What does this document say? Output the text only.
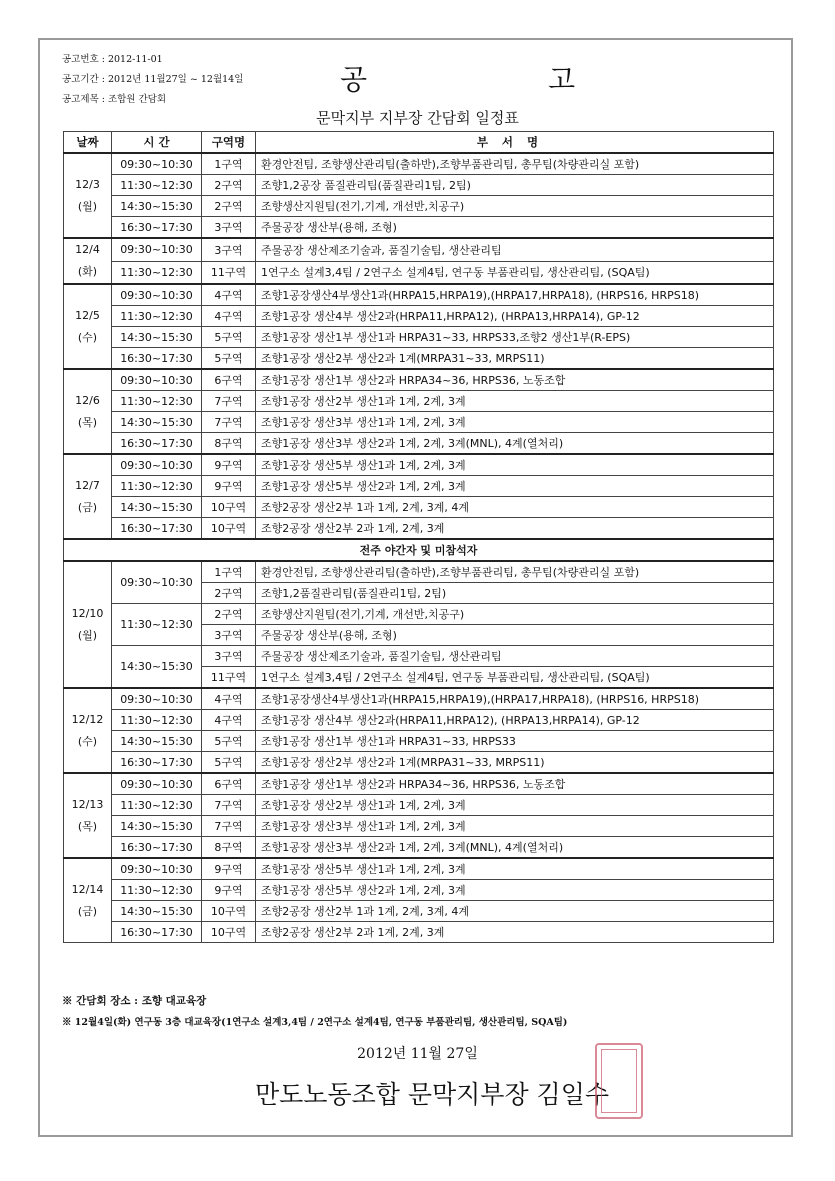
공고번호 : 2012-11-01
공고기간 : 2012년 11월27일 ~ 12월14일
공고제목 : 조합원 간담회
공 고
문막지부 지부장 간담회 일정표
날짜	시 간	구역명	부서명
12/3
(월)	09:30~10:30	1구역	환경안전팀, 조향생산관리팀(출하반),조향부품관리팀, 총무팀(차량관리실 포함)
	11:30~12:30	2구역	조향1,2공장 품질관리팀(품질관리1팀, 2팀)
	14:30~15:30	2구역	조향생산지원팀(전기,기계, 개선반,치공구)
	16:30~17:30	3구역	주물공장 생산부(용해, 조형)
12/4
(화)	09:30~10:30	3구역	주물공장 생산제조기술과, 품질기술팀, 생산관리팀
	11:30~12:30	11구역	1연구소 설계3,4팀 / 2연구소 설계4팀, 연구동 부품관리팀, 생산관리팀, (SQA팀)
12/5
(수)	09:30~10:30	4구역	조향1공장생산4부생산1과(HRPA15,HRPA19),(HRPA17,HRPA18), (HRPS16, HRPS18)
	11:30~12:30	4구역	조향1공장 생산4부 생산2과(HRPA11,HRPA12), (HRPA13,HRPA14), GP-12
	14:30~15:30	5구역	조향1공장 생산1부 생산1과 HRPA31~33, HRPS33,조향2 생산1부(R-EPS)
	16:30~17:30	5구역	조향1공장 생산2부 생산2과 1계(MRPA31~33, MRPS11)
12/6
(목)	09:30~10:30	6구역	조향1공장 생산1부 생산2과 HRPA34~36, HRPS36, 노동조합
	11:30~12:30	7구역	조향1공장 생산2부 생산1과 1계, 2계, 3계
	14:30~15:30	7구역	조향1공장 생산3부 생산1과 1계, 2계, 3계
	16:30~17:30	8구역	조향1공장 생산3부 생산2과 1계, 2계, 3계(MNL), 4계(열처리)
12/7
(금)	09:30~10:30	9구역	조향1공장 생산5부 생산1과 1계, 2계, 3계
	11:30~12:30	9구역	조향1공장 생산5부 생산2과 1계, 2계, 3계
	14:30~15:30	10구역	조향2공장 생산2부 1과 1계, 2계, 3계, 4계
	16:30~17:30	10구역	조향2공장 생산2부 2과 1계, 2계, 3계
전주 야간자 및 미참석자			
12/10
(월)	09:30~10:30	1구역	환경안전팀, 조향생산관리팀(출하반),조향부품관리팀, 총무팀(차량관리실 포함)
		2구역	조향1,2품질관리팀(품질관리1팀, 2팀)
	11:30~12:30	2구역	조향생산지원팀(전기,기계, 개선반,치공구)
		3구역	주물공장 생산부(용해, 조형)
	14:30~15:30	3구역	주물공장 생산제조기술과, 품질기술팀, 생산관리팀
		11구역	1연구소 설계3,4팀 / 2연구소 설계4팀, 연구동 부품관리팀, 생산관리팀, (SQA팀)
12/12
(수)	09:30~10:30	4구역	조향1공장생산4부생산1과(HRPA15,HRPA19),(HRPA17,HRPA18), (HRPS16, HRPS18)
	11:30~12:30	4구역	조향1공장 생산4부 생산2과(HRPA11,HRPA12), (HRPA13,HRPA14), GP-12
	14:30~15:30	5구역	조향1공장 생산1부 생산1과 HRPA31~33, HRPS33
	16:30~17:30	5구역	조향1공장 생산2부 생산2과 1계(MRPA31~33, MRPS11)
12/13
(목)	09:30~10:30	6구역	조향1공장 생산1부 생산2과 HRPA34~36, HRPS36, 노동조합
	11:30~12:30	7구역	조향1공장 생산2부 생산1과 1계, 2계, 3계
	14:30~15:30	7구역	조향1공장 생산3부 생산1과 1계, 2계, 3계
	16:30~17:30	8구역	조향1공장 생산3부 생산2과 1계, 2계, 3계(MNL), 4계(열처리)
12/14
(금)	09:30~10:30	9구역	조향1공장 생산5부 생산1과 1계, 2계, 3계
	11:30~12:30	9구역	조향1공장 생산5부 생산2과 1계, 2계, 3계
	14:30~15:30	10구역	조향2공장 생산2부 1과 1계, 2계, 3계, 4계
	16:30~17:30	10구역	조향2공장 생산2부 2과 1계, 2계, 3계
※ 간담회 장소 : 조향 대교육장
※ 12월4일(화) 연구동 3층 대교육장(1연구소 설계3,4팀 / 2연구소 설계4팀, 연구동 부품관리팀, 생산관리팀, SQA팀)
2012년 11월 27일
만도노동조합 문막지부장 김일수
